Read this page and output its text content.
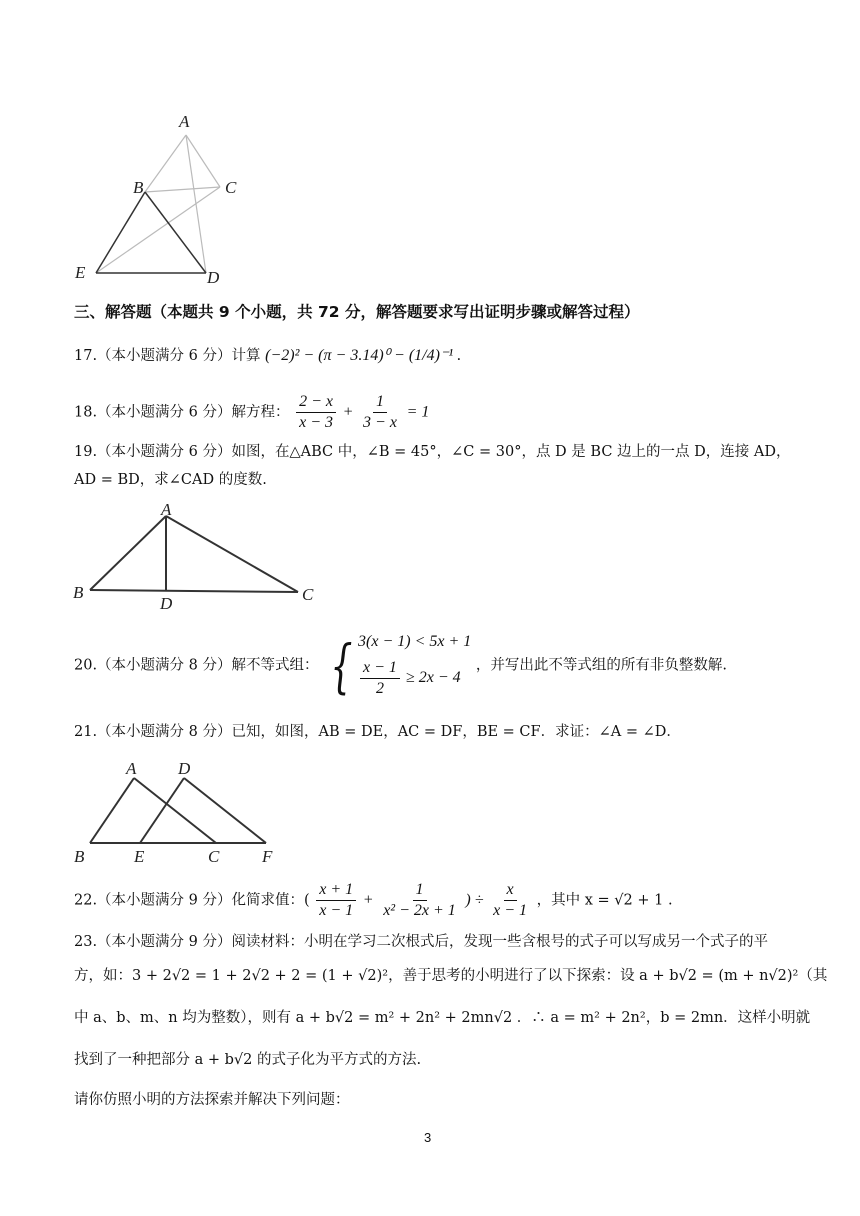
A
B	C
E	D
三、解答题（本题共 9 个小题，共 72 分，解答题要求写出证明步骤或解答过程）
17.（本小题满分 6 分）计算 (−2)² − (π − 3.14)⁰ − (1/4)⁻¹ .
18.（本小题满分 6 分）解方程： $\frac{2 - x}{x - 3} + \frac{1}{3 - x} = 1$
19.（本小题满分 6 分）如图，在△ABC 中，∠B = 45°，∠C = 30°，点 D 是 BC 边上的一点 D，连接 AD，
AD = BD，求∠CAD 的度数.
A
B
D	C
20.（本小题满分 8 分）解不等式组： { 3(x − 1) < 5x + 1
$\frac{x - 1}{2} \ge 2x - 4$
，并写出此不等式组的所有非负整数解.
21.（本小题满分 8 分）已知，如图，AB = DE，AC = DF，BE = CF．求证：∠A = ∠D．
A D
B	E	C	F
22.（本小题满分 9 分）化简求值：( $\frac{x + 1}{x - 1} + \frac{1}{\text{x² − 2x + 1}}$ ) ÷ $\frac{x}{x - 1}$ ，其中 x = √2 + 1 .
23.（本小题满分 9 分）阅读材料：小明在学习二次根式后，发现一些含根号的式子可以写成另一个式子的平
方，如：3 + 2√2 = 1 + 2√2 + 2 = (1 + √2)²，善于思考的小明进行了以下探索：设 a + b√2 = (m + n√2)²（其
中 a、b、m、n 均为整数），则有 a + b√2 = m² + 2n² + 2mn√2 ．∴ a = m² + 2n²，b = 2mn．这样小明就
找到了一种把部分 a + b√2 的式子化为平方式的方法.
请你仿照小明的方法探索并解决下列问题：
3
